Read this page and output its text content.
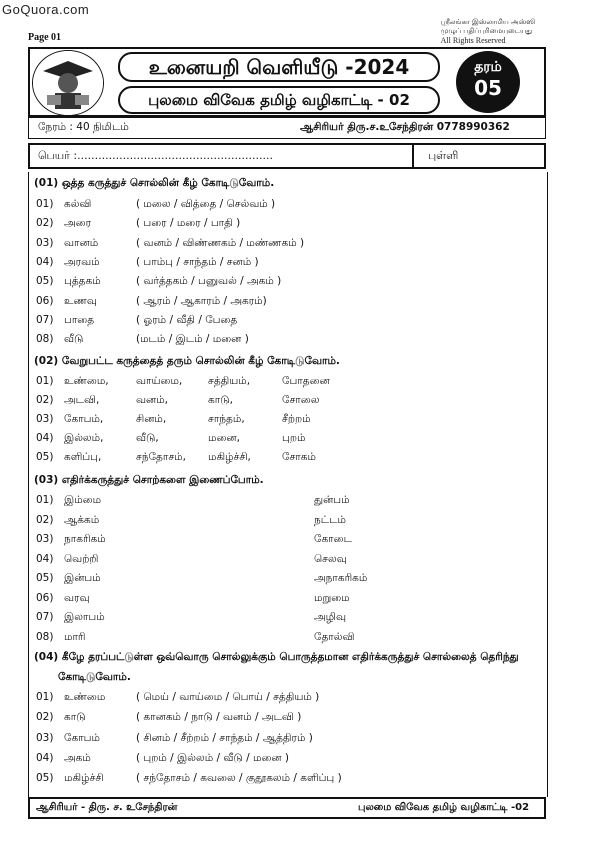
GoQuora.com
Page 01
ஸ்ரீலங்கா இஸ்லாமிய அஸ்ஸி
முழுப் பதிப்புரிமையுடையது
All Rights Reserved
உனையறி வெளியீடு -2024
புலமை விவேக தமிழ் வழிகாட்டி - 02
தரம்
05
நேரம் : 40 நிமிடம்	ஆசிரியர் திரு.ச.உசேந்திரன் 0778990362
பெயர் :........................................................	புள்ளி
(01) ஒத்த கருத்துச் சொல்லின் கீழ் கோடிடுவோம்.
01) கல்வி	( மலை / வித்தை / செல்வம் )
02) அரை	( பரை / மரை / பாதி )
03) வானம்	( வனம் / விண்ணகம் / மண்ணகம் )
04) அரவம்	( பாம்பு / சாந்தம் / சனம் )
05) புத்தகம்	( வர்த்தகம் / பனுவல் / அகம் )
06) உணவு	( ஆரம் / ஆகாரம் / அகரம்)
07) பாதை	( ஓரம் / வீதி / பேதை
08) வீடு	(மடம் / இடம் / மனை )
(02) வேறுபட்ட கருத்தைத் தரும் சொல்லின் கீழ் கோடிடுவோம்.
01) உண்மை,	வாய்மை, சத்தியம்,	போதனை
02) அடவி,	வனம்,	காடு,	சோலை
03) கோபம்,	சினம்,	சாந்தம்,	சீற்றம்
04) இல்லம்,	வீடு,	மனை,	புறம்
05) களிப்பு,	சந்தோசம், மகிழ்ச்சி,	சோகம்
(03) எதிர்க்கருத்துச் சொற்களை இணைப்போம்.
01) இம்மை	துன்பம்
02) ஆக்கம்	நட்டம்
03) நாகரிகம்	கோடை
04) வெற்றி	செலவு
05) இன்பம்	அநாகரிகம்
06) வரவு	மறுமை
07) இலாபம்	அழிவு
08) மாரி	தோல்வி
(04) கீழே தரப்பட்டுள்ள ஒவ்வொரு சொல்லுக்கும் பொருத்தமான எதிர்க்கருத்துச் சொல்லைத் தெரிந்து
கோடிடுவோம்.
01) உண்மை	( மெய் / வாய்மை / பொய் / சத்தியம் )
02) காடு	( கானகம் / நாடு / வனம் / அடவி )
03) கோபம்	( சினம் / சீற்றம் / சாந்தம் / ஆத்திரம் )
04) அகம்	( புறம் / இல்லம் / வீடு / மனை )
05) மகிழ்ச்சி	( சந்தோசம் / கவலை / குதூகலம் / களிப்பு )
ஆசிரியர் - திரு. ச. உசேந்திரன்	புலமை விவேக தமிழ் வழிகாட்டி -02
